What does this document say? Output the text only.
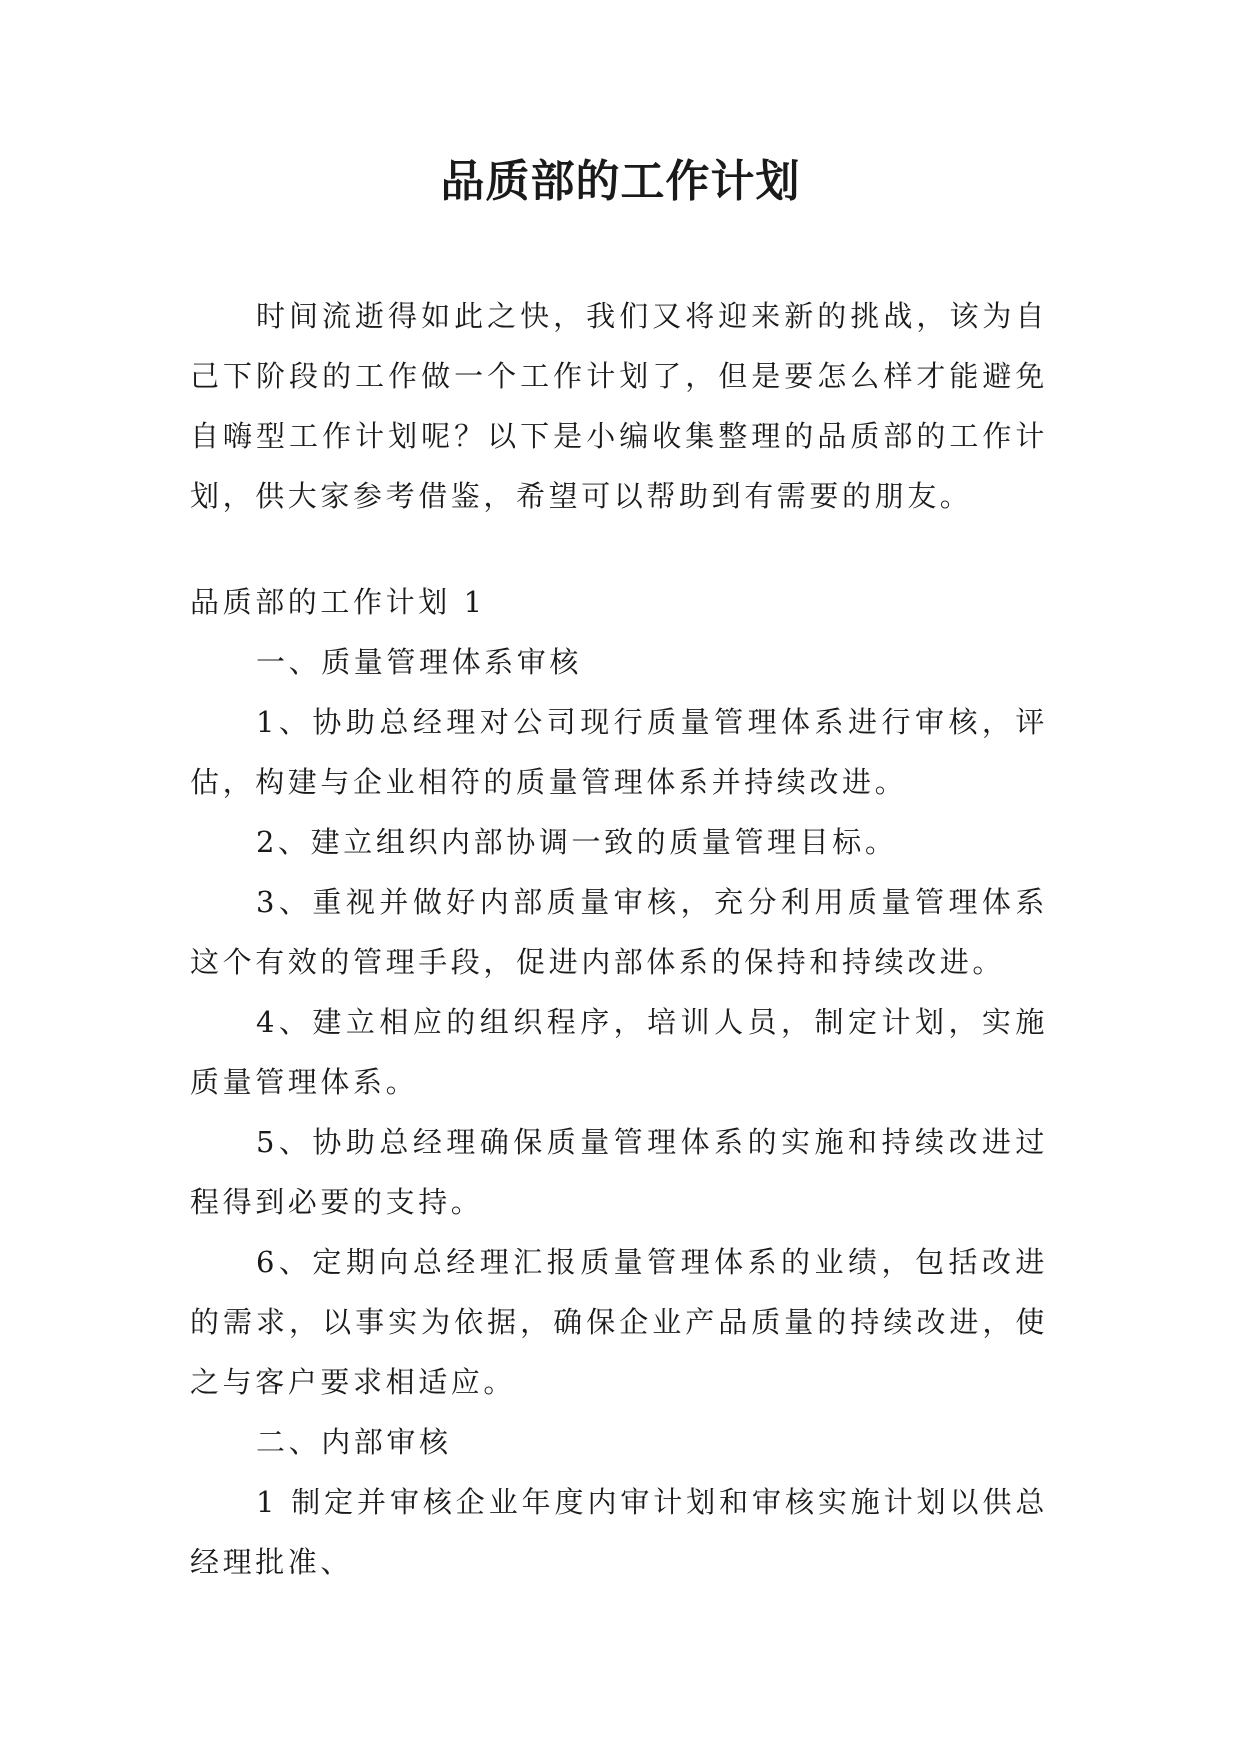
品质部的工作计划

时间流逝得如此之快，我们又将迎来新的挑战，该为自己下阶段的工作做一个工作计划了，但是要怎么样才能避免自嗨型工作计划呢？以下是小编收集整理的品质部的工作计划，供大家参考借鉴，希望可以帮助到有需要的朋友。

品质部的工作计划 1

一、质量管理体系审核

1、协助总经理对公司现行质量管理体系进行审核，评估，构建与企业相符的质量管理体系并持续改进。

2、建立组织内部协调一致的质量管理目标。

3、重视并做好内部质量审核，充分利用质量管理体系这个有效的管理手段，促进内部体系的保持和持续改进。

4、建立相应的组织程序，培训人员，制定计划，实施质量管理体系。

5、协助总经理确保质量管理体系的实施和持续改进过程得到必要的支持。

6、定期向总经理汇报质量管理体系的业绩，包括改进的需求，以事实为依据，确保企业产品质量的持续改进，使之与客户要求相适应。

二、内部审核

1 制定并审核企业年度内审计划和审核实施计划以供总经理批准、
